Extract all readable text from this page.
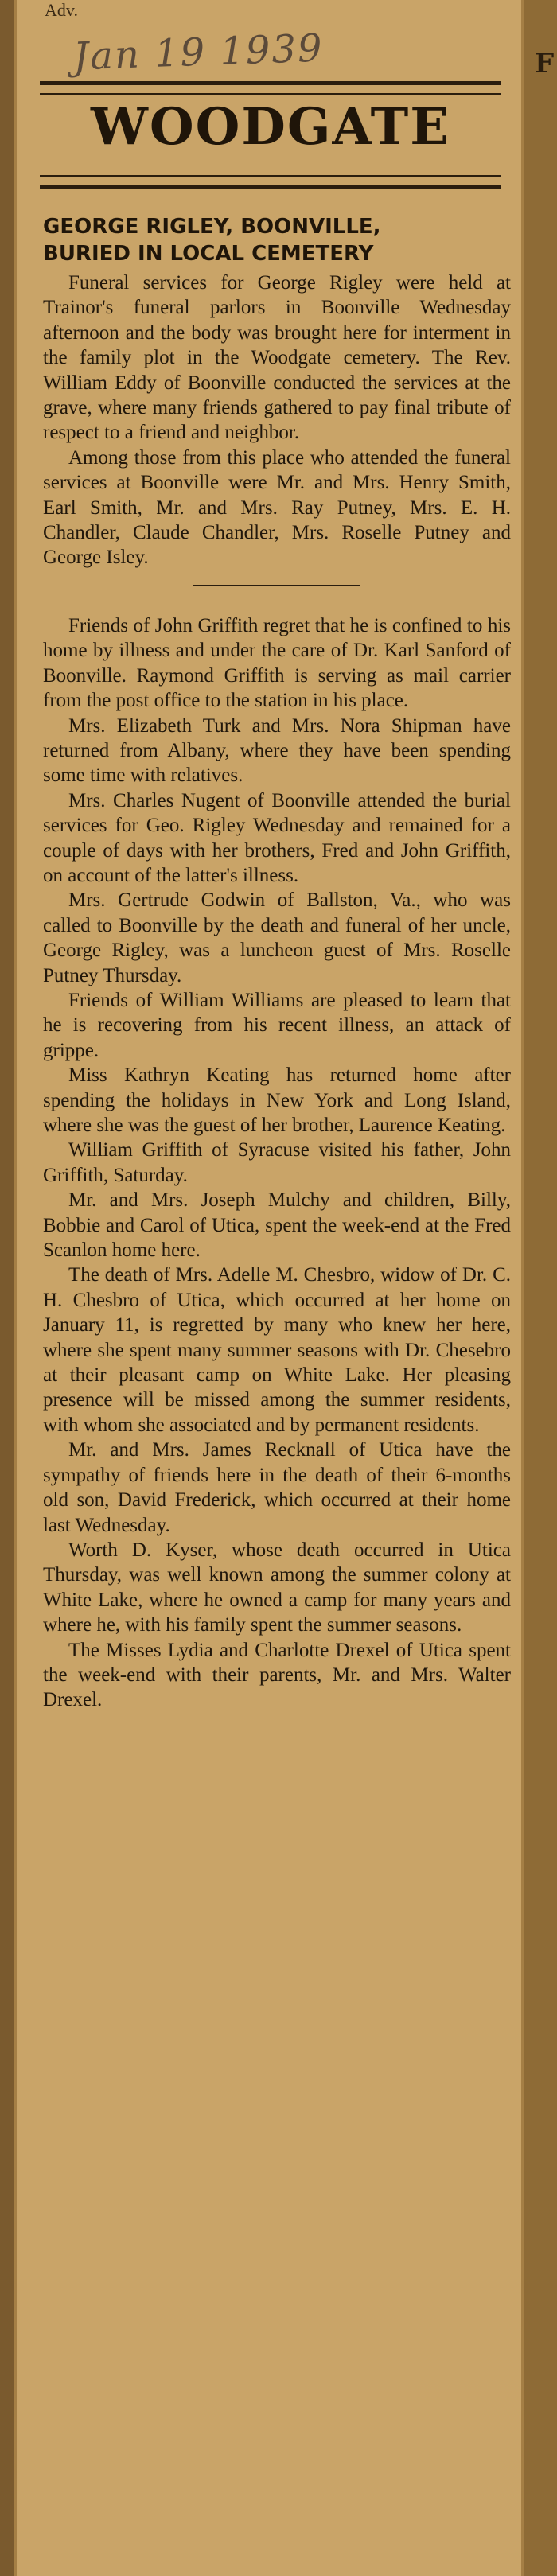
F
Adv.
Jan 19 1939
WOODGATE
GEORGE RIGLEY, BOONVILLE,
BURIED IN LOCAL CEMETERY

Funeral services for George Rigley were held at Trainor's funeral parlors in Boonville Wednesday afternoon and the body was brought here for interment in the family plot in the Woodgate cemetery. The Rev. William Eddy of Boonville conducted the services at the grave, where many friends gathered to pay final tribute of respect to a friend and neighbor.

Among those from this place who attended the funeral services at Boonville were Mr. and Mrs. Henry Smith, Earl Smith, Mr. and Mrs. Ray Putney, Mrs. E. H. Chandler, Claude Chandler, Mrs. Roselle Putney and George Isley.

Friends of John Griffith regret that he is confined to his home by illness and under the care of Dr. Karl Sanford of Boonville. Raymond Griffith is serving as mail carrier from the post office to the station in his place.

Mrs. Elizabeth Turk and Mrs. Nora Shipman have returned from Albany, where they have been spending some time with relatives.

Mrs. Charles Nugent of Boonville attended the burial services for Geo. Rigley Wednesday and remained for a couple of days with her brothers, Fred and John Griffith, on account of the latter's illness.

Mrs. Gertrude Godwin of Ballston, Va., who was called to Boonville by the death and funeral of her uncle, George Rigley, was a luncheon guest of Mrs. Roselle Putney Thursday.

Friends of William Williams are pleased to learn that he is recovering from his recent illness, an attack of grippe.

Miss Kathryn Keating has returned home after spending the holidays in New York and Long Island, where she was the guest of her brother, Laurence Keating.

William Griffith of Syracuse visited his father, John Griffith, Saturday.

Mr. and Mrs. Joseph Mulchy and children, Billy, Bobbie and Carol of Utica, spent the week-end at the Fred Scanlon home here.

The death of Mrs. Adelle M. Chesbro, widow of Dr. C. H. Chesbro of Utica, which occurred at her home on January 11, is regretted by many who knew her here, where she spent many summer seasons with Dr. Chesebro at their pleasant camp on White Lake. Her pleasing presence will be missed among the summer residents, with whom she associated and by permanent residents.

Mr. and Mrs. James Recknall of Utica have the sympathy of friends here in the death of their 6-months old son, David Frederick, which occurred at their home last Wednesday.

Worth D. Kyser, whose death occurred in Utica Thursday, was well known among the summer colony at White Lake, where he owned a camp for many years and where he, with his family spent the summer seasons.

The Misses Lydia and Charlotte Drexel of Utica spent the week-end with their parents, Mr. and Mrs. Walter Drexel.
